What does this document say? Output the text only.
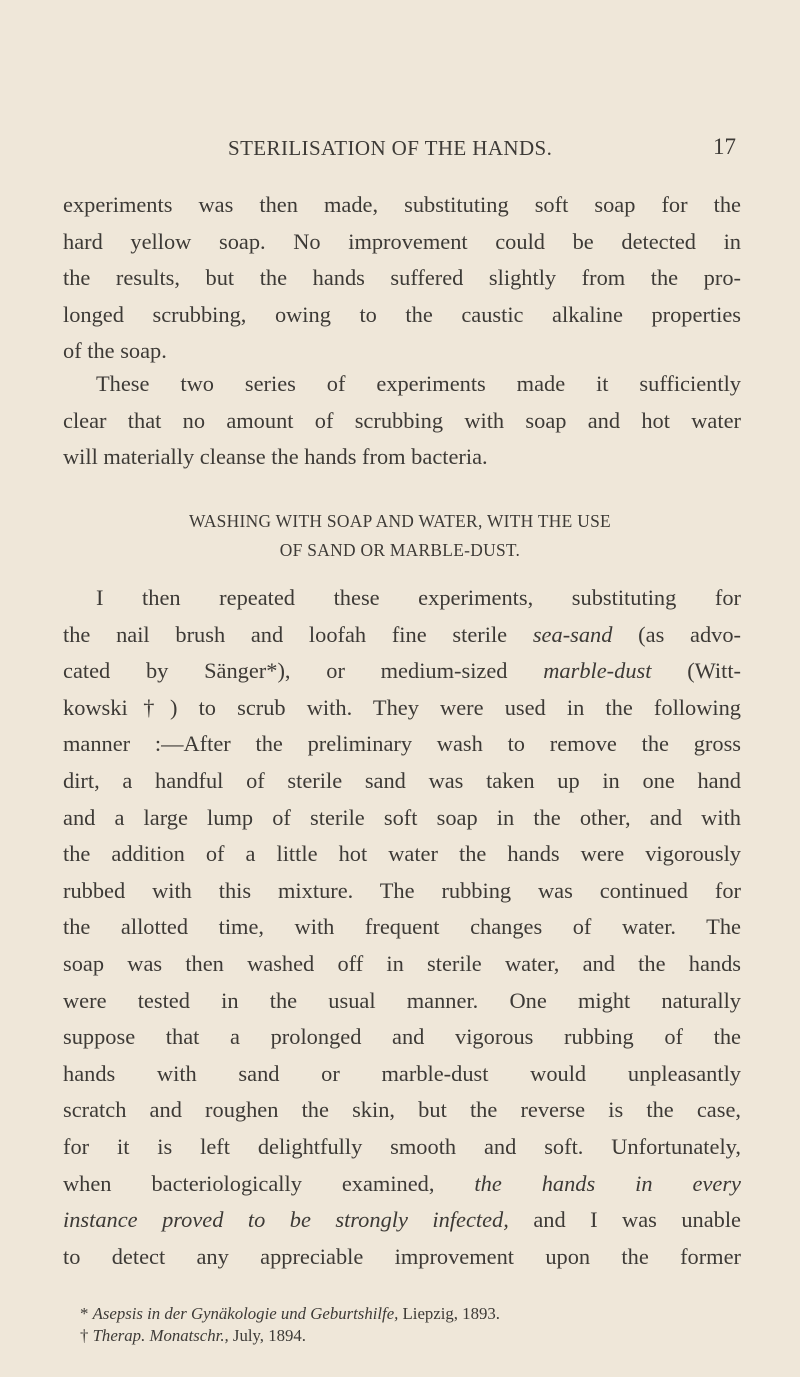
STERILISATION OF THE HANDS.	17
experiments was then made, substituting soft soap for the
hard yellow soap. No improvement could be detected in
the results, but the hands suffered slightly from the pro-
longed scrubbing, owing to the caustic alkaline properties
of the soap.
These two series of experiments made it sufficiently
clear that no amount of scrubbing with soap and hot water
will materially cleanse the hands from bacteria.
WASHING WITH SOAP AND WATER, WITH THE USE
OF SAND OR MARBLE-DUST.
I then repeated these experiments, substituting for
the nail brush and loofah fine sterile sea-sand (as advo-
cated by Sänger*), or medium-sized marble-dust (Witt-
kowski†) to scrub with. They were used in the following
manner :—After the preliminary wash to remove the gross
dirt, a handful of sterile sand was taken up in one hand
and a large lump of sterile soft soap in the other, and with
the addition of a little hot water the hands were vigorously
rubbed with this mixture. The rubbing was continued for
the allotted time, with frequent changes of water. The
soap was then washed off in sterile water, and the hands
were tested in the usual manner. One might naturally
suppose that a prolonged and vigorous rubbing of the
hands with sand or marble-dust would unpleasantly
scratch and roughen the skin, but the reverse is the case,
for it is left delightfully smooth and soft. Unfortunately,
when bacteriologically examined, the hands in every
instance proved to be strongly infected, and I was unable
to detect any appreciable improvement upon the former
* Asepsis in der Gynäkologie und Geburtshilfe, Liepzig, 1893.
† Therap. Monatschr., July, 1894.
